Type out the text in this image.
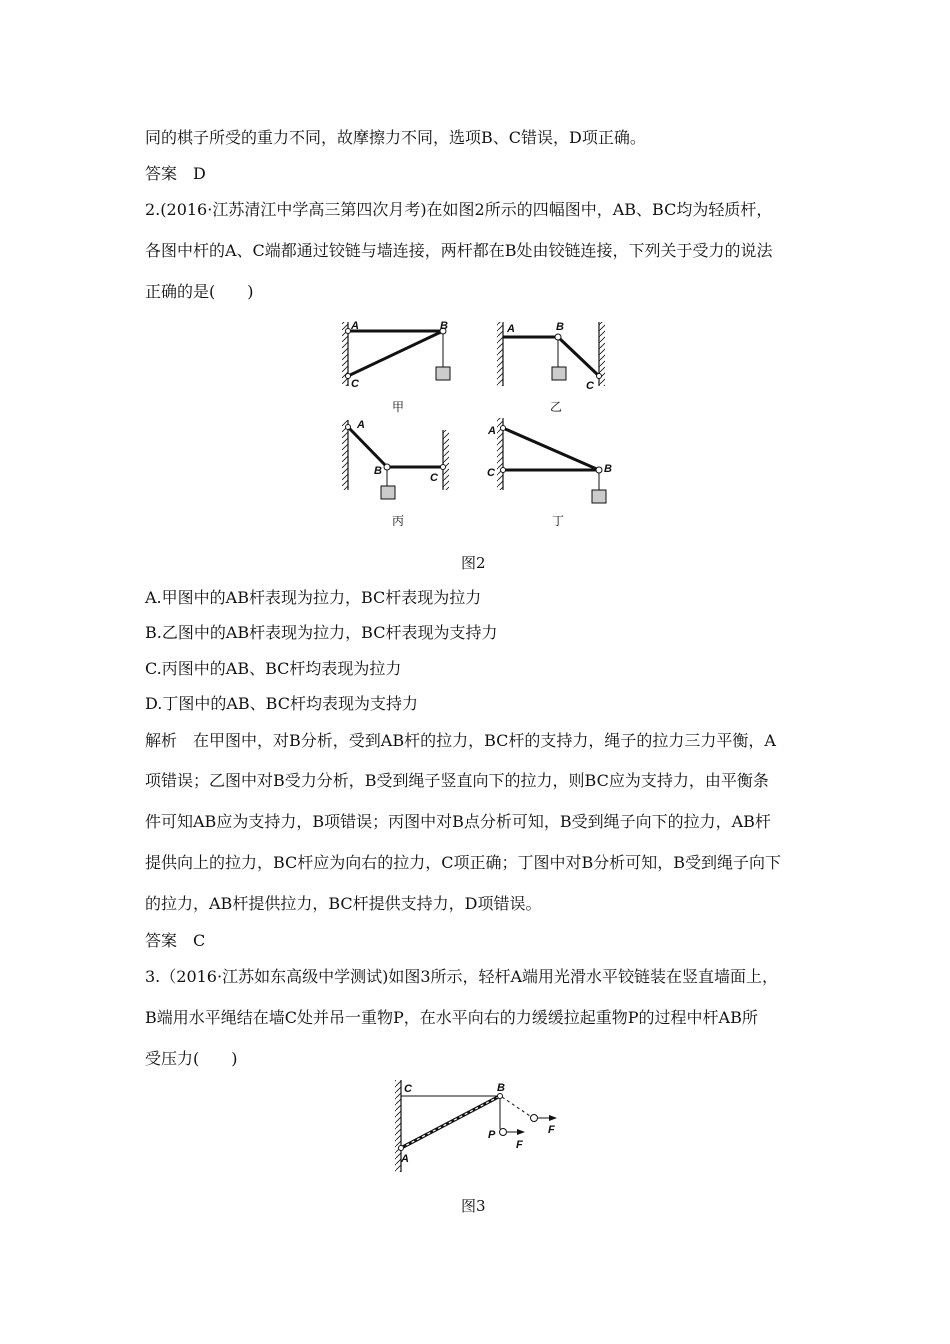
同的棋子所受的重力不同，故摩擦力不同，选项B、C错误，D项正确。
答案　D
2.(2016·江苏清江中学高三第四次月考)在如图2所示的四幅图中，AB、BC均为轻质杆，
各图中杆的A、C端都通过铰链与墙连接，两杆都在B处由铰链连接，下列关于受力的说法
正确的是(　　)
A	B
C
甲
A	B
C
乙
A
B
C
丙
A
B
C
丁
图2
A.甲图中的AB杆表现为拉力，BC杆表现为拉力
B.乙图中的AB杆表现为拉力，BC杆表现为支持力
C.丙图中的AB、BC杆均表现为拉力
D.丁图中的AB、BC杆均表现为支持力
解析　在甲图中，对B分析，受到AB杆的拉力，BC杆的支持力，绳子的拉力三力平衡，A
项错误；乙图中对B受力分析，B受到绳子竖直向下的拉力，则BC应为支持力，由平衡条
件可知AB应为支持力，B项错误；丙图中对B点分析可知，B受到绳子向下的拉力，AB杆
提供向上的拉力，BC杆应为向右的拉力，C项正确；丁图中对B分析可知，B受到绳子向下
的拉力，AB杆提供拉力，BC杆提供支持力，D项错误。
答案　C
3.（2016·江苏如东高级中学测试)如图3所示，轻杆A端用光滑水平铰链装在竖直墙面上，
B端用水平绳结在墙C处并吊一重物P，在水平向右的力缓缓拉起重物P的过程中杆AB所
受压力(　　)
C	B
A
P
F
F
图3
